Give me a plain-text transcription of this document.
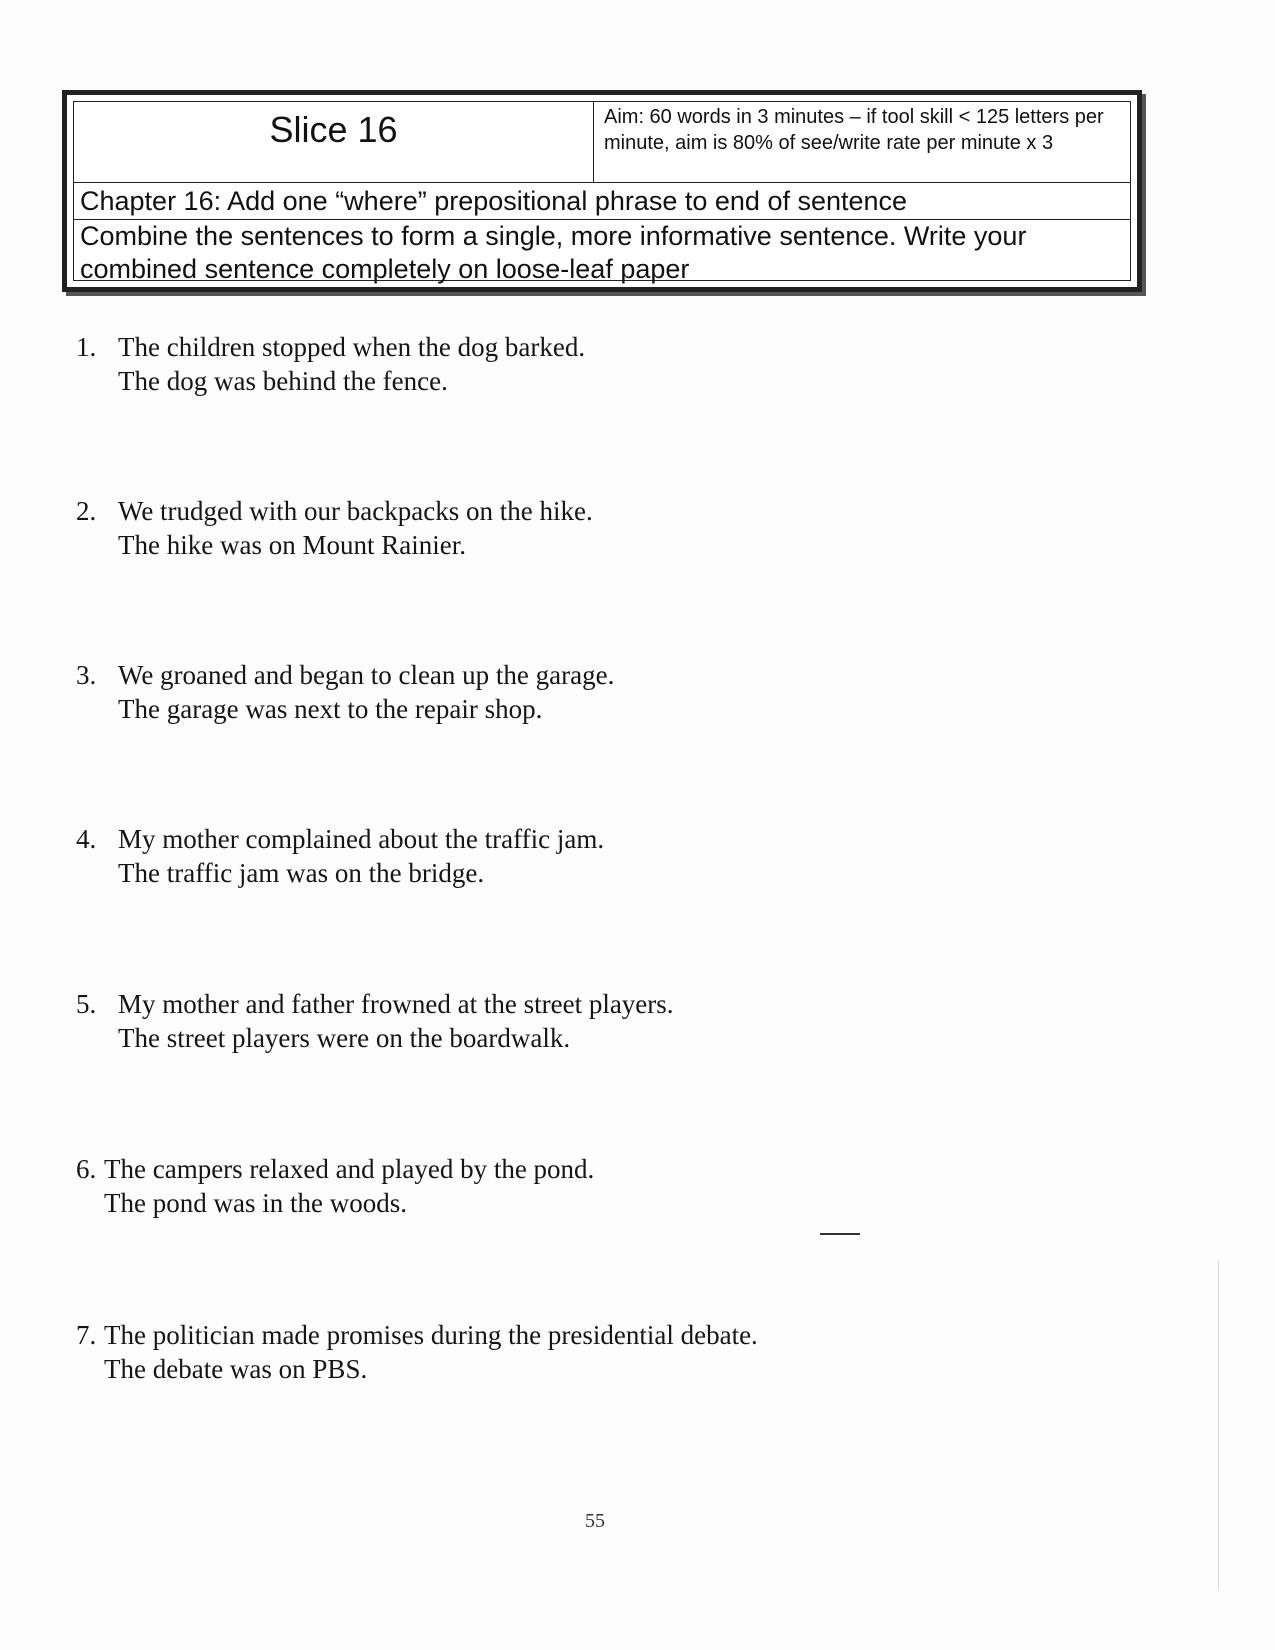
Slice 16	Aim: 60 words in 3 minutes – if tool skill < 125 letters per minute, aim is 80% of see/write rate per minute x 3
Chapter 16: Add one “where” prepositional phrase to end of sentence
Combine the sentences to form a single, more informative sentence. Write your combined sentence completely on loose-leaf paper
1. The children stopped when the dog barked.
The dog was behind the fence.
2. We trudged with our backpacks on the hike.
The hike was on Mount Rainier.
3. We groaned and began to clean up the garage.
The garage was next to the repair shop.
4. My mother complained about the traffic jam.
The traffic jam was on the bridge.
5. My mother and father frowned at the street players.
The street players were on the boardwalk.
6. The campers relaxed and played by the pond.
The pond was in the woods.
7. The politician made promises during the presidential debate.
The debate was on PBS.
55
